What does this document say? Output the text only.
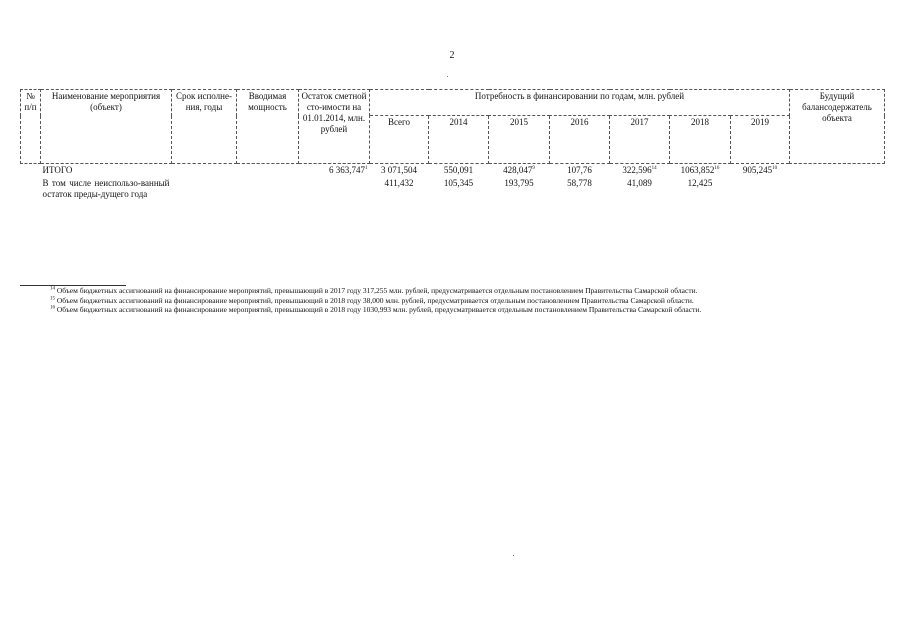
2
№ п/п	Наименование мероприятия (объект)	Срок исполне-ния, годы	Вводимая мощность	Остаток сметной сто-имости на 01.01.2014, млн. рублей	Потребность в финансировании по годам, млн. рублей							Будущий балансодержатель объекта
					Всего	2014	2015	2016	2017	2018	2019	
	ИТОГО			6 363,747$^1$	3 071,504	550,091	428,047$^9$	107,76	322,596$^{14}$	1063,852$^{16}$	905,245$^{10}$	
	В том числе неиспользо-ванный остаток преды-дущего года				411,432	105,345	193,795	58,778	41,089	12,425		
$^{14}$ Объем бюджетных ассигнований на финансирование мероприятий, превышающий в 2017 году 317,255 млн. рублей, предусматривается отдельным постановлением Правительства Самарской области.
$^{15}$ Объем бюджетных ассигнований на финансирование мероприятий, превышающий в 2018 году 38,000 млн. рублей, предусматривается отдельным постановлением Правительства Самарской области.
$^{16}$ Объем бюджетных ассигнований на финансирование мероприятий, превышающий в 2018 году 1030,993 млн. рублей, предусматривается отдельным постановлением Правительства Самарской области.
